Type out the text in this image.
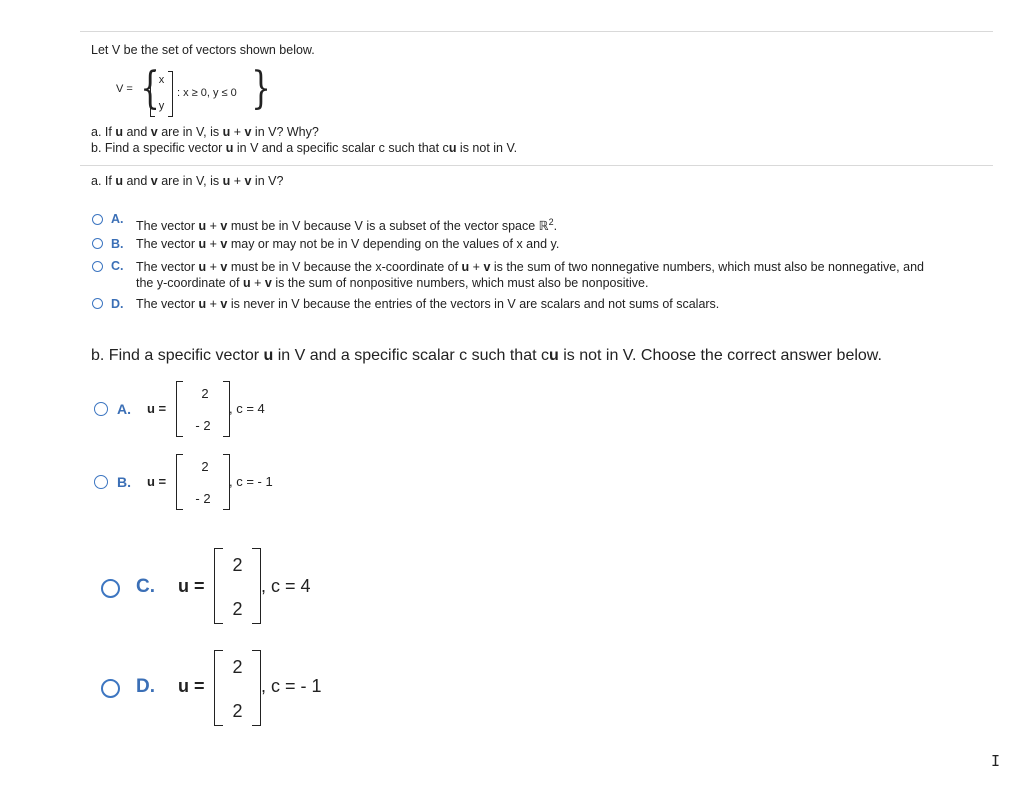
Let V be the set of vectors shown below.
V = { }
x
y
: x ≥ 0, y ≤ 0
a. If u and v are in V, is u + v in V? Why?
b. Find a specific vector u in V and a specific scalar c such that cu is not in V.
a. If u and v are in V, is u + v in V?
A.
The vector u + v must be in V because V is a subset of the vector space ℝ$^2$.
B. The vector u + v may or may not be in V depending on the values of x and y.
C. The vector u + v must be in V because the x-coordinate of u + v is the sum of two nonnegative numbers, which must also be nonnegative, and
the y-coordinate of u + v is the sum of nonpositive numbers, which must also be nonpositive.
D. The vector u + v is never in V because the entries of the vectors in V are scalars and not sums of scalars.
b. Find a specific vector u in V and a specific scalar c such that cu is not in V. Choose the correct answer below.
A. u =
2
- 2
, c = 4
B. u =
2
- 2
, c = - 1
C. u =
2
2
, c = 4
D. u =
2
2
, c = - 1
I
